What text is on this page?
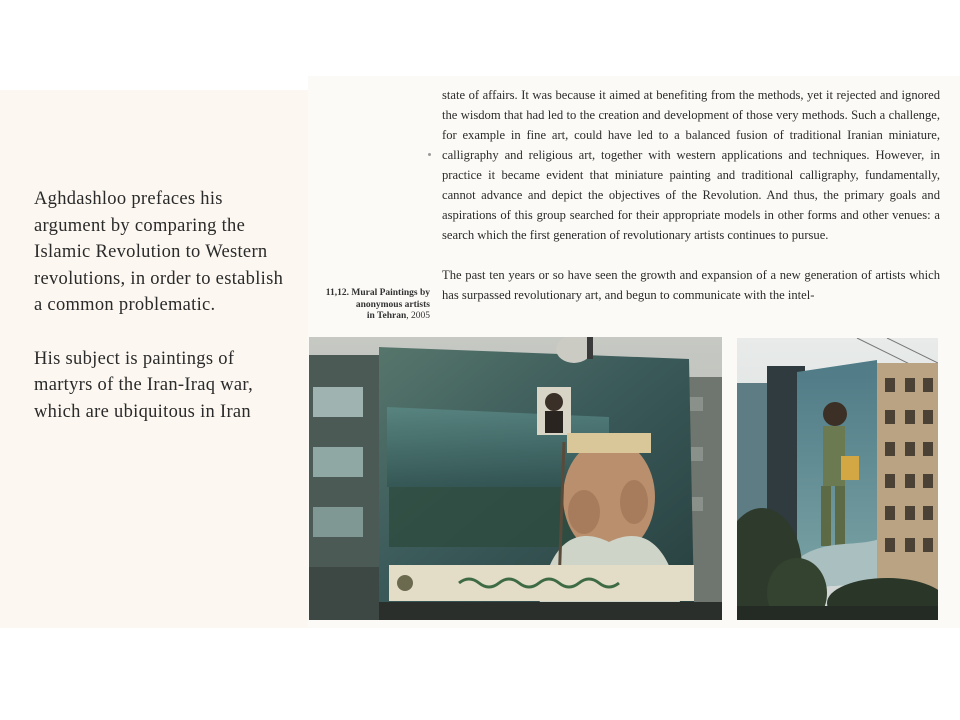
Aghdashloo prefaces his argument by comparing the Islamic Revolution to Western revolutions, in order to establish a common problematic.

His subject is paintings of martyrs of the Iran-Iraq war, which are ubiquitous in Iran

state of affairs. It was because it aimed at benefiting from the methods, yet it rejected and ignored the wisdom that had led to the creation and development of those very methods. Such a challenge, for example in fine art, could have led to a balanced fusion of traditional Iranian miniature, calligraphy and religious art, together with western applications and techniques. However, in practice it became evident that miniature painting and traditional calligraphy, fundamentally, cannot advance and depict the objectives of the Revolution. And thus, the primary goals and aspirations of this group searched for their appropriate models in other forms and other venues: a search which the first generation of revolutionary artists continues to pursue.

The past ten years or so have seen the growth and expansion of a new generation of artists which has surpassed revolutionary art, and begun to communicate with the intel-

11,12. Mural Paintings by anonymous artists
in Tehran, 2005
